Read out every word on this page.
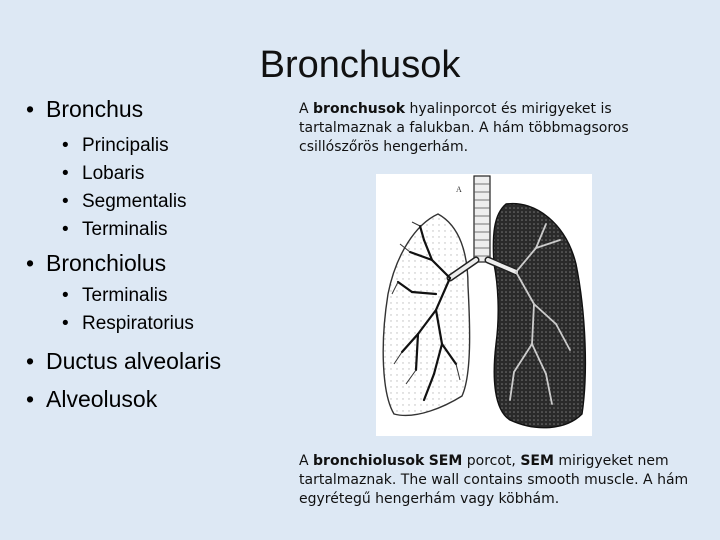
Bronchusok
• Bronchus
• Principalis
• Lobaris
• Segmentalis
• Terminalis
• Bronchiolus
• Terminalis
• Respiratorius
• Ductus alveolaris
• Alveolusok
A bronchusok hyalinporcot és mirigyeket is tartalmaznak a falukban. A hám többmagsoros csillószőrös hengerhám.
A
A bronchiolusok SEM porcot, SEM mirigyeket nem tartalmaznak. The wall contains smooth muscle. A hám egyrétegű hengerhám vagy köbhám.
